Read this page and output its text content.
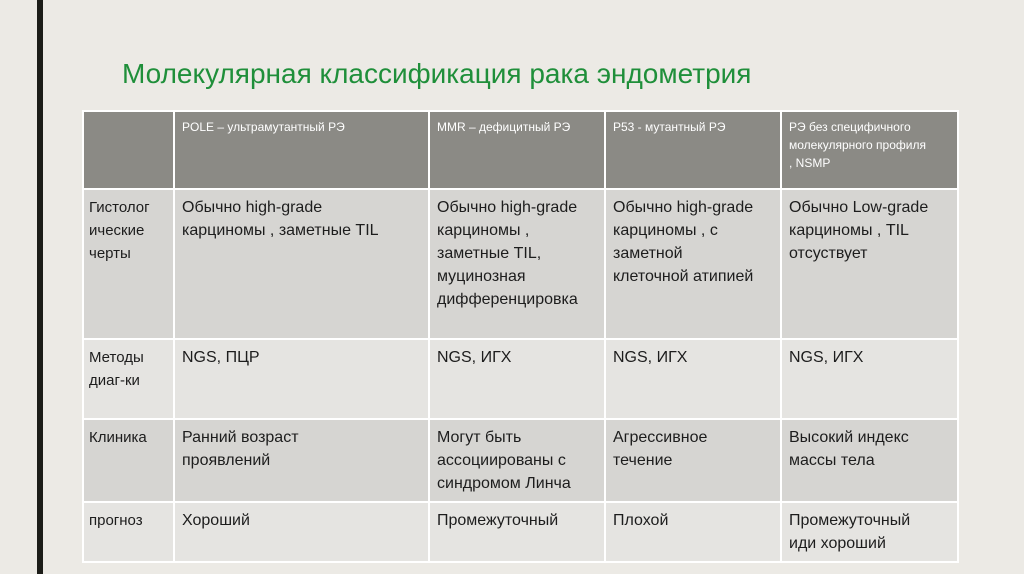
Молекулярная классификация рака эндометрия
	POLE – ультрамутантный РЭ	MMR – дефицитный РЭ	P53 - мутантный РЭ	РЭ без специфичного
молекулярного профиля
, NSMP
Гистолог
ические
черты	Обычно high-grade
карциномы , заметные TIL	Обычно high-grade
карциномы ,
заметные TIL,
муцинозная
дифференцировка	Обычно high-grade
карциномы , с
заметной
клеточной атипией	Обычно Low-grade
карциномы , TIL
отсуствует
Методы
диаг-ки	NGS, ПЦР	NGS, ИГХ	NGS, ИГХ	NGS, ИГХ
Клиника	Ранний возраст
проявлений	Могут быть
ассоциированы с
синдромом Линча	Агрессивное
течение	Высокий индекс
массы тела
прогноз	Хороший	Промежуточный	Плохой	Промежуточный
иди хороший
